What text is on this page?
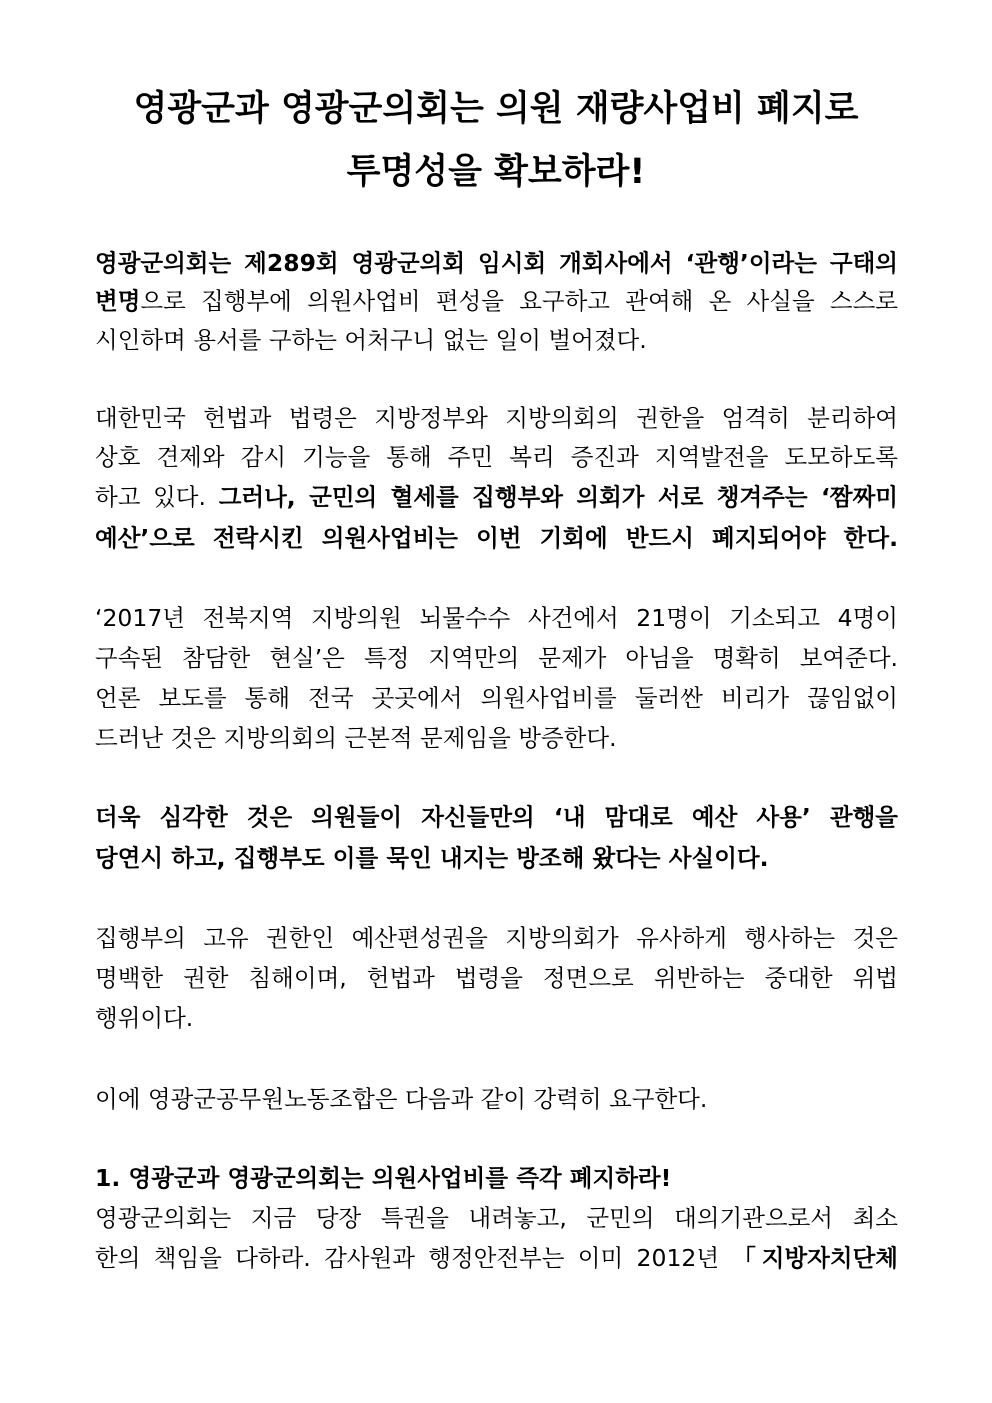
영광군과 영광군의회는 의원 재량사업비 폐지로
투명성을 확보하라!
영광군의회는 제289회 영광군의회 임시회 개회사에서 ‘관행’이라는 구태의
변명으로 집행부에 의원사업비 편성을 요구하고 관여해 온 사실을 스스로
시인하며 용서를 구하는 어처구니 없는 일이 벌어졌다.
대한민국 헌법과 법령은 지방정부와 지방의회의 권한을 엄격히 분리하여
상호 견제와 감시 기능을 통해 주민 복리 증진과 지역발전을 도모하도록
하고 있다. 그러나, 군민의 혈세를 집행부와 의회가 서로 챙겨주는 ‘짬짜미
예산’으로 전락시킨 의원사업비는 이번 기회에 반드시 폐지되어야 한다.
‘2017년 전북지역 지방의원 뇌물수수 사건에서 21명이 기소되고 4명이
구속된 참담한 현실’은 특정 지역만의 문제가 아님을 명확히 보여준다.
언론 보도를 통해 전국 곳곳에서 의원사업비를 둘러싼 비리가 끊임없이
드러난 것은 지방의회의 근본적 문제임을 방증한다.
더욱 심각한 것은 의원들이 자신들만의 ‘내 맘대로 예산 사용’ 관행을
당연시 하고, 집행부도 이를 묵인 내지는 방조해 왔다는 사실이다.
집행부의 고유 권한인 예산편성권을 지방의회가 유사하게 행사하는 것은
명백한 권한 침해이며, 헌법과 법령을 정면으로 위반하는 중대한 위법
행위이다.
이에 영광군공무원노동조합은 다음과 같이 강력히 요구한다.
1. 영광군과 영광군의회는 의원사업비를 즉각 폐지하라!
영광군의회는 지금 당장 특권을 내려놓고, 군민의 대의기관으로서 최소
한의 책임을 다하라. 감사원과 행정안전부는 이미 2012년 「지방자치단체
